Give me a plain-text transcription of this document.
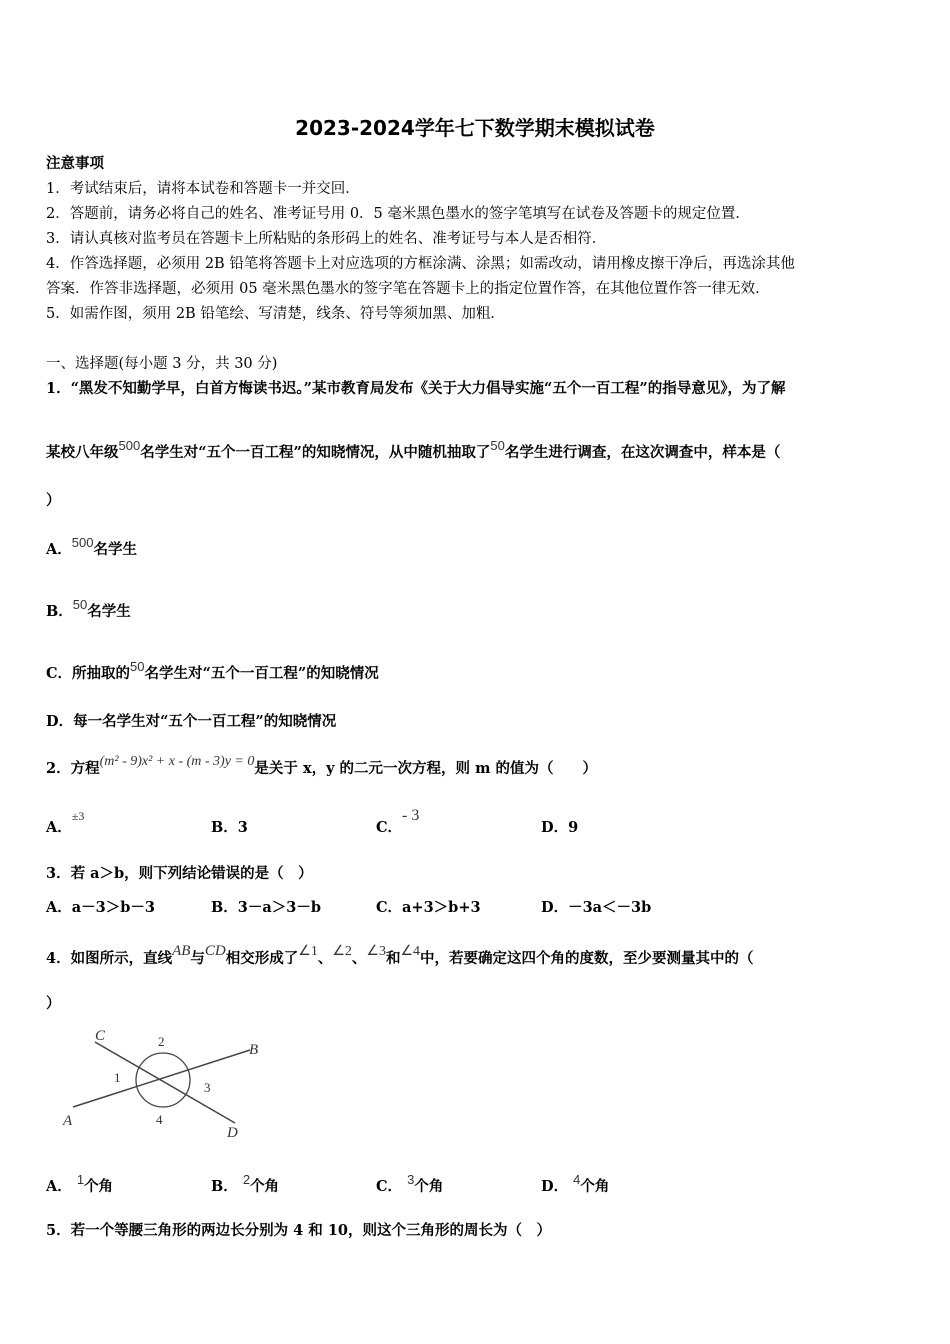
2023-2024学年七下数学期末模拟试卷
注意事项
1．考试结束后，请将本试卷和答题卡一并交回．
2．答题前，请务必将自己的姓名、准考证号用 0．5 毫米黑色墨水的签字笔填写在试卷及答题卡的规定位置．
3．请认真核对监考员在答题卡上所粘贴的条形码上的姓名、准考证号与本人是否相符．
4．作答选择题，必须用 2B 铅笔将答题卡上对应选项的方框涂满、涂黑；如需改动，请用橡皮擦干净后，再选涂其他
答案．作答非选择题，必须用 05 毫米黑色墨水的签字笔在答题卡上的指定位置作答，在其他位置作答一律无效．
5．如需作图，须用 2B 铅笔绘、写清楚，线条、符号等须加黑、加粗．
一、选择题(每小题 3 分，共 30 分)
1．“黑发不知勤学早，白首方悔读书迟。”某市教育局发布《关于大力倡导实施“五个一百工程”的指导意见》，为了解
某校八年级$^{500}$名学生对“五个一百工程”的知晓情况，从中随机抽取了$^{50}$名学生进行调查，在这次调查中，样本是（
）
A．$^{500}$名学生
B．$^{50}$名学生
C．所抽取的$^{50}$名学生对“五个一百工程”的知晓情况
D．每一名学生对“五个一百工程”的知晓情况
2．方程(m² - 9)x² + x - (m - 3)y = 0是关于 x，y 的二元一次方程，则 m 的值为（　　）
A．$^{\pm 3}$B．3	C．- 3D．9
3．若 a＞b，则下列结论错误的是（　）
A．a－3＞b－3	B．3－a＞3－b	C．a+3＞b+3	D．－3a＜－3b
4．如图所示，直线$^{AB}$与$^{CD}$相交形成了$^{\angle 1}$、$^{\angle 2}$、$^{\angle 3}$和$^{\angle 4}$中，若要确定这四个角的度数，至少要测量其中的（
）
C
B
A
D
2
1
3
4
A． $^1$个角	B． $^2$个角	C． $^3$个角	D． $^4$个角
5．若一个等腰三角形的两边长分别为 4 和 10，则这个三角形的周长为（　）
